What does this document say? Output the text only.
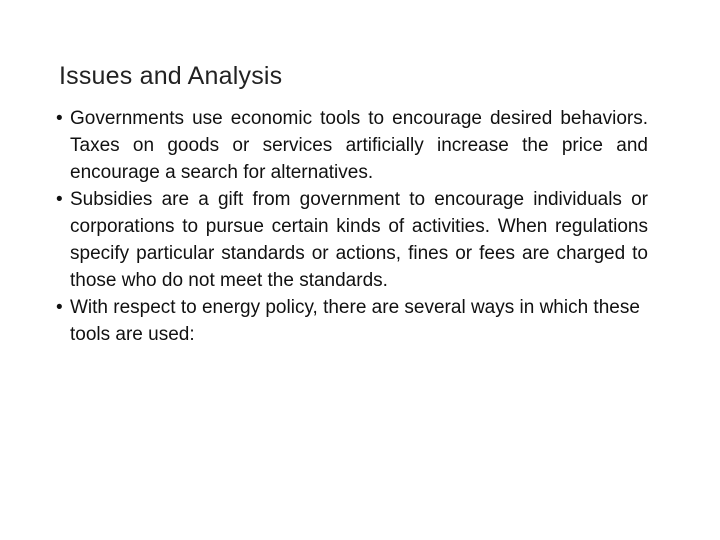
Issues and Analysis
• Governments use economic tools to encourage desired behaviors. Taxes on goods or services artificially increase the price and encourage a search for alternatives.
• Subsidies are a gift from government to encourage individuals or corporations to pursue certain kinds of activities. When regulations specify particular standards or actions, fines or fees are charged to those who do not meet the standards.
• With respect to energy policy, there are several ways in which these tools are used:
